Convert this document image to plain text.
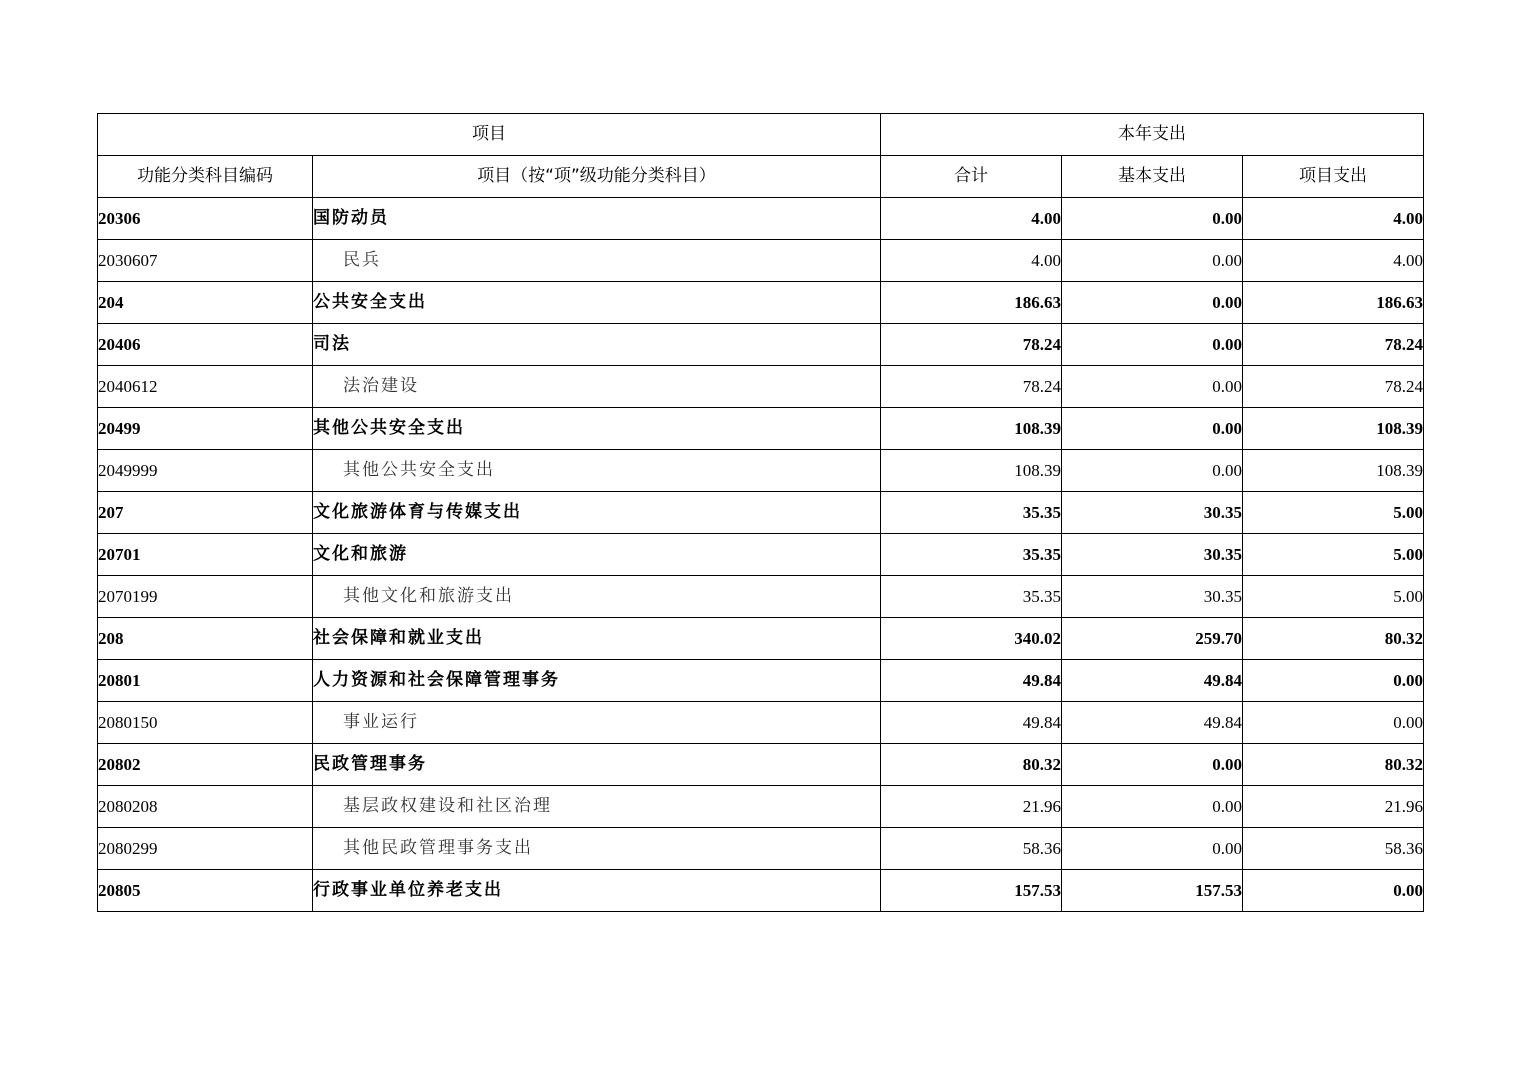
项目		本年支出		
功能分类科目编码	项目（按“项”级功能分类科目）	合计	基本支出	项目支出
20306	国防动员	4.00	0.00	4.00
2030607	民兵	4.00	0.00	4.00
204	公共安全支出	186.63	0.00	186.63
20406	司法	78.24	0.00	78.24
2040612	法治建设	78.24	0.00	78.24
20499	其他公共安全支出	108.39	0.00	108.39
2049999	其他公共安全支出	108.39	0.00	108.39
207	文化旅游体育与传媒支出	35.35	30.35	5.00
20701	文化和旅游	35.35	30.35	5.00
2070199	其他文化和旅游支出	35.35	30.35	5.00
208	社会保障和就业支出	340.02	259.70	80.32
20801	人力资源和社会保障管理事务	49.84	49.84	0.00
2080150	事业运行	49.84	49.84	0.00
20802	民政管理事务	80.32	0.00	80.32
2080208	基层政权建设和社区治理	21.96	0.00	21.96
2080299	其他民政管理事务支出	58.36	0.00	58.36
20805	行政事业单位养老支出	157.53	157.53	0.00
